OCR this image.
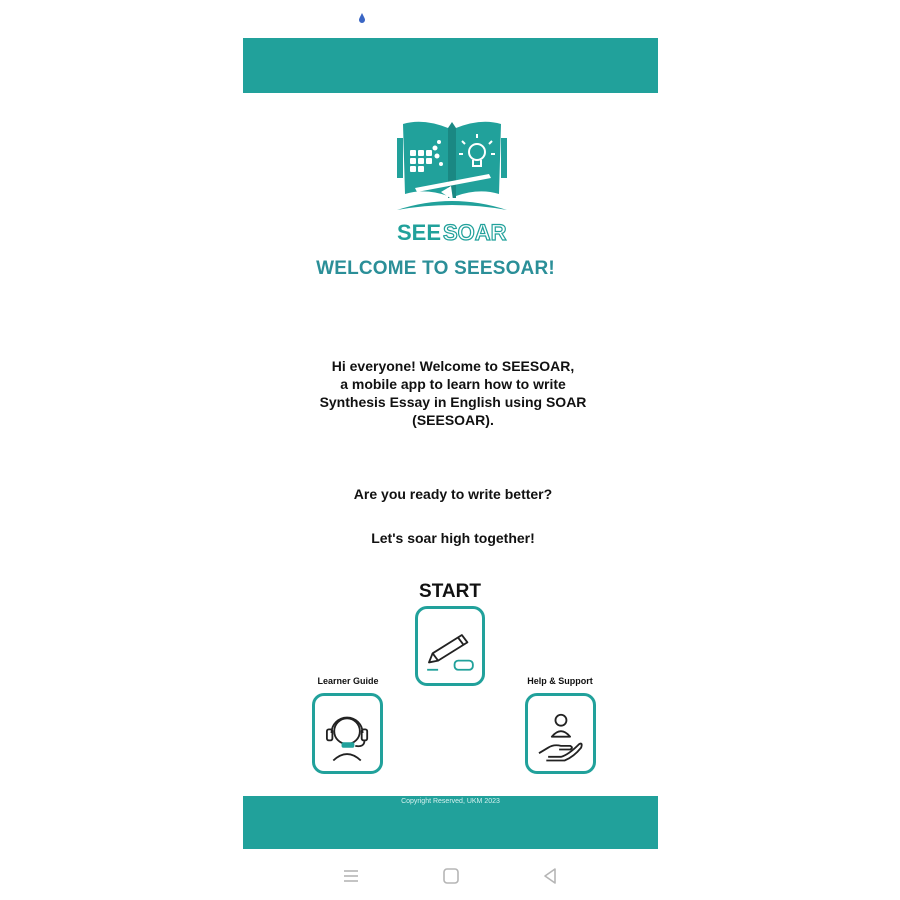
SEE SOAR
WELCOME TO SEESOAR!
Hi everyone! Welcome to SEESOAR,
a mobile app to learn how to write
Synthesis Essay in English using SOAR
(SEESOAR).
Are you ready to write better?
Let's soar high together!
START
Learner Guide	Help & Support
Copyright Reserved, UKM 2023
